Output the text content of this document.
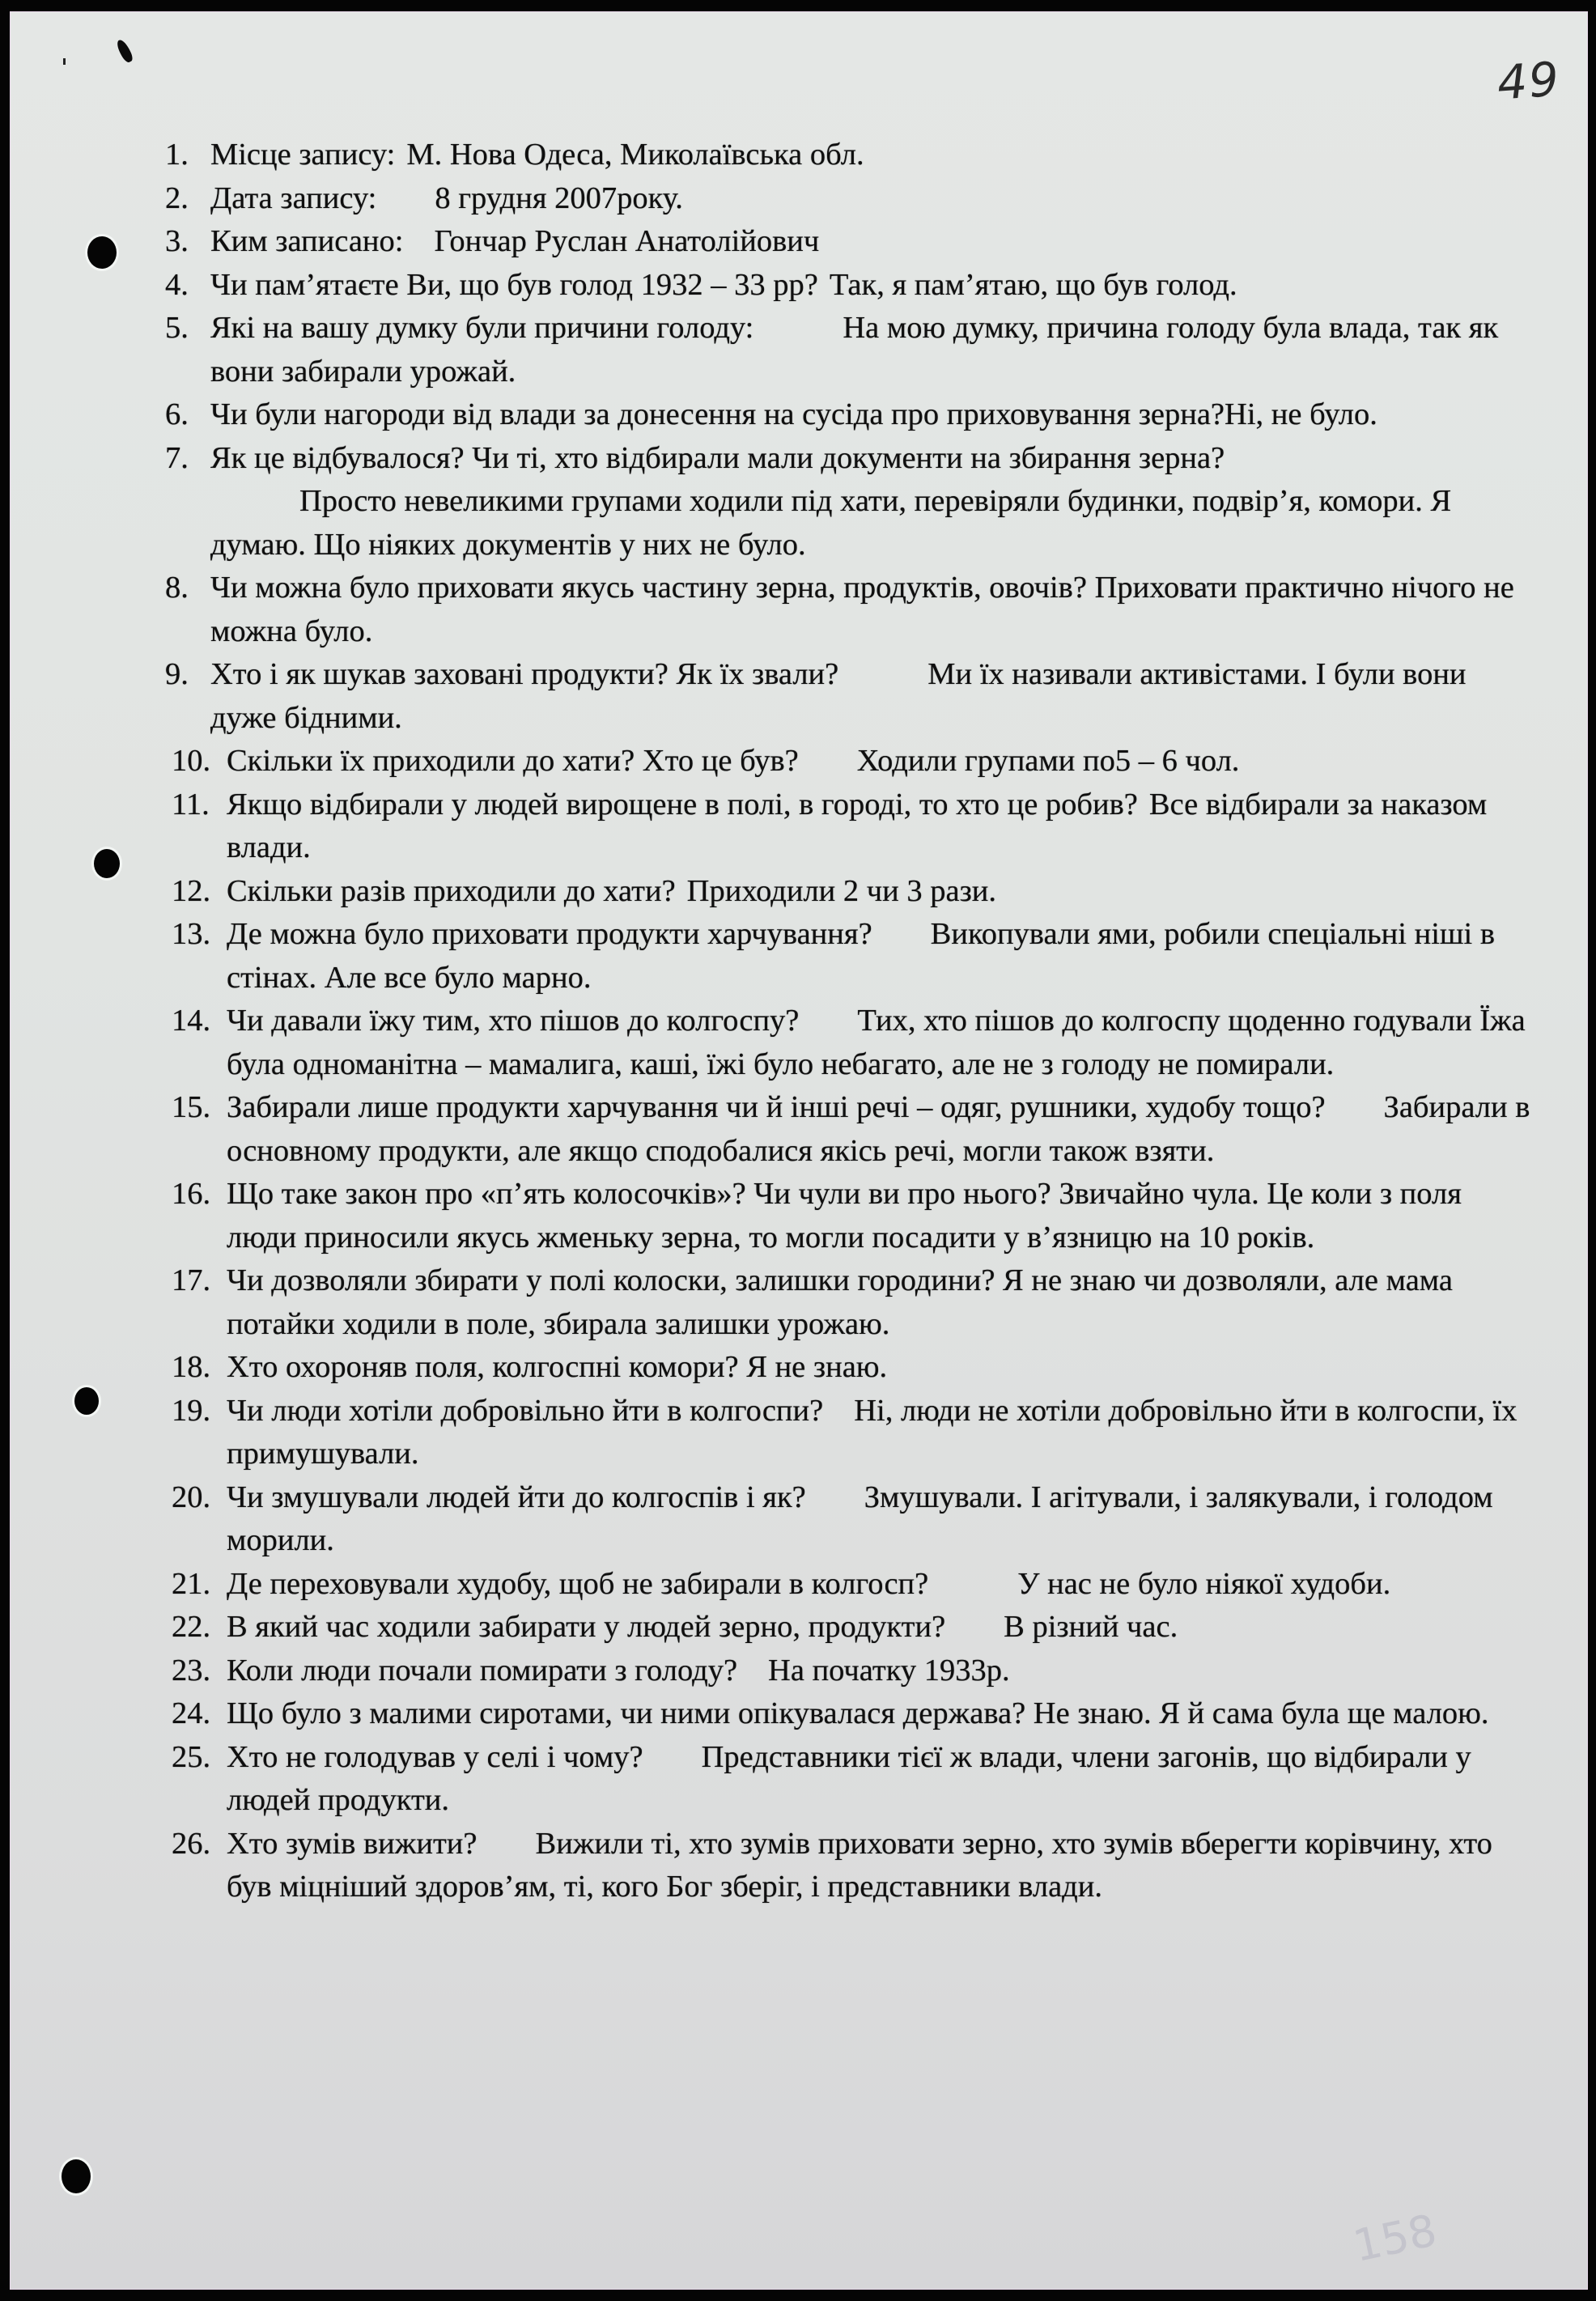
49
158
1. Місце запису: М. Нова Одеса, Миколаївська обл.
2. Дата запису: 8 грудня 2007року.
3. Ким записано: Гончар Руслан Анатолійович
4. Чи пам’ятаєте Ви, що був голод 1932 – 33 рр? Так, я пам’ятаю, що був голод.
5. Які на вашу думку були причини голоду:	На мою думку, причина голоду була влада, так як вони забирали урожай.
6. Чи були нагороди від влади за донесення на сусіда про приховування зерна?Ні, не було.
7. Як це відбувалося? Чи ті, хто відбирали мали документи на збирання зерна?
Просто невеликими групами ходили під хати, перевіряли будинки, подвір’я, комори. Я думаю. Що ніяких документів у них не було.
8. Чи можна було приховати якусь частину зерна, продуктів, овочів? Приховати практично нічого не можна було.
9. Хто і як шукав заховані продукти? Як їх звали?	Ми їх називали активістами. І були вони дуже бідними.
10. Скільки їх приходили до хати? Хто це був? Ходили групами по5 – 6 чол.
11. Якщо відбирали у людей вирощене в полі, в городі, то хто це робив? Все відбирали за наказом влади.
12. Скільки разів приходили до хати? Приходили 2 чи 3 рази.
13. Де можна було приховати продукти харчування? Викопували ями, робили спеціальні ніші в стінах. Але все було марно.
14. Чи давали їжу тим, хто пішов до колгоспу? Тих, хто пішов до колгоспу щоденно годували Їжа була одноманітна – мамалига, каші, їжі було небагато, але не з голоду не помирали.
15. Забирали лише продукти харчування чи й інші речі – одяг, рушники, худобу тощо? Забирали в основному продукти, але якщо сподобалися якісь речі, могли також взяти.
16. Що таке закон про «п’ять колосочків»? Чи чули ви про нього? Звичайно чула. Це коли з поля люди приносили якусь жменьку зерна, то могли посадити у в’язницю на 10 років.
17. Чи дозволяли збирати у полі колоски, залишки городини? Я не знаю чи дозволяли, але мама потайки ходили в поле, збирала залишки урожаю.
18. Хто охороняв поля, колгоспні комори? Я не знаю.
19. Чи люди хотіли добровільно йти в колгоспи? Ні, люди не хотіли добровільно йти в колгоспи, їх примушували.
20. Чи змушували людей йти до колгоспів і як? Змушували. І агітували, і залякували, і голодом морили.
21. Де переховували худобу, щоб не забирали в колгосп?	У нас не було ніякої худоби.
22. В який час ходили забирати у людей зерно, продукти? В різний час.
23. Коли люди почали помирати з голоду? На початку 1933р.
24. Що було з малими сиротами, чи ними опікувалася держава? Не знаю. Я й сама була ще малою.
25. Хто не голодував у селі і чому? Представники тієї ж влади, члени загонів, що відбирали у людей продукти.
26. Хто зумів вижити? Вижили ті, хто зумів приховати зерно, хто зумів вберегти корівчину, хто був міцніший здоров’ям, ті, кого Бог зберіг, і представники влади.
